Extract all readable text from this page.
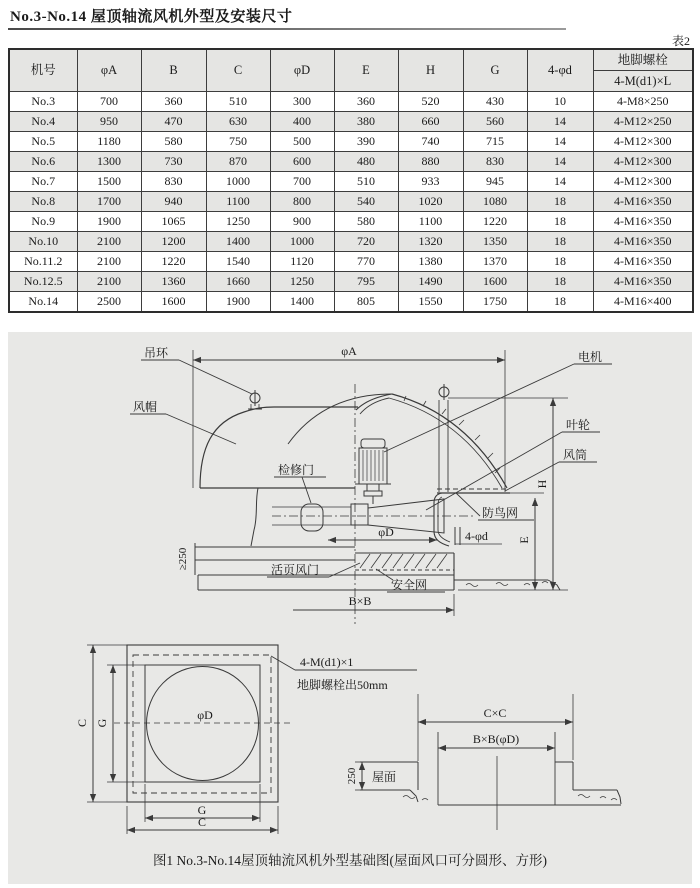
No.3-No.14 屋顶轴流风机外型及安装尺寸
表2
机号	φA	B	C	φD	E	H	G	4-φd	地脚螺栓
4-M(d1)×L

No.3	700	360	510	300	360	520	430	10	4-M8×250
No.4	950	470	630	400	380	660	560	14	4-M12×250
No.5	1180	580	750	500	390	740	715	14	4-M12×300
No.6	1300	730	870	600	480	880	830	14	4-M12×300
No.7	1500	830	1000	700	510	933	945	14	4-M12×300
No.8	1700	940	1100	800	540	1020	1080	18	4-M16×350
No.9	1900	1065	1250	900	580	1100	1220	18	4-M16×350
No.10	2100	1200	1400	1000	720	1320	1350	18	4-M16×350
No.11.2	2100	1220	1540	1120	770	1380	1370	18	4-M16×350
No.12.5	2100	1360	1660	1250	795	1490	1600	18	4-M16×350
No.14	2500	1600	1900	1400	805	1550	1750	18	4-M16×400
φA
吊环
风帽
检修门
电机
叶轮
风筒
防鸟网
活页风门
安全网
φD	4-φd
H
E
B×B
≥250
C G
φD
G
C
4-M(d1)×1
地脚螺栓出50mm
C×C
B×B(φD)
屋面
250
图1 No.3-No.14屋顶轴流风机外型基础图(屋面风口可分圆形、方形)
